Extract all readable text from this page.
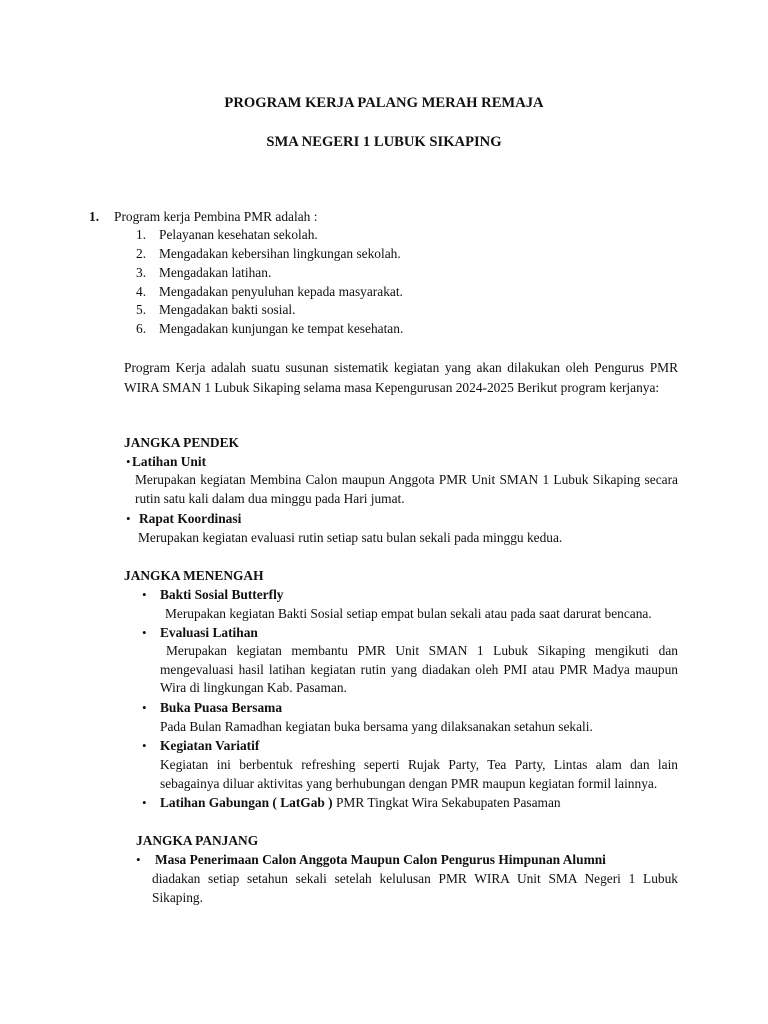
PROGRAM KERJA PALANG MERAH REMAJA
SMA NEGERI 1 LUBUK SIKAPING
1. Program kerja Pembina PMR adalah :
1. Pelayanan kesehatan sekolah.
2. Mengadakan kebersihan lingkungan sekolah.
3. Mengadakan latihan.
4. Mengadakan penyuluhan kepada masyarakat.
5. Mengadakan bakti sosial.
6. Mengadakan kunjungan ke tempat kesehatan.
Program Kerja adalah suatu susunan sistematik kegiatan yang akan dilakukan oleh Pengurus PMR WIRA SMAN 1 Lubuk Sikaping selama masa Kepengurusan 2024-2025 Berikut program kerjanya:
JANGKA PENDEK
• Latihan Unit
Merupakan kegiatan Membina Calon maupun Anggota PMR Unit SMAN 1 Lubuk Sikaping secara rutin satu kali dalam dua minggu pada Hari jumat.
• Rapat Koordinasi
Merupakan kegiatan evaluasi rutin setiap satu bulan sekali pada minggu kedua.
JANGKA MENENGAH
• Bakti Sosial Butterfly
Merupakan kegiatan Bakti Sosial setiap empat bulan sekali atau pada saat darurat bencana.
• Evaluasi Latihan
Merupakan kegiatan membantu PMR Unit SMAN 1 Lubuk Sikaping mengikuti dan mengevaluasi hasil latihan kegiatan rutin yang diadakan oleh PMI atau PMR Madya maupun Wira di lingkungan Kab. Pasaman.
• Buka Puasa Bersama
Pada Bulan Ramadhan kegiatan buka bersama yang dilaksanakan setahun sekali.
• Kegiatan Variatif
Kegiatan ini berbentuk refreshing seperti Rujak Party, Tea Party, Lintas alam dan lain sebagainya diluar aktivitas yang berhubungan dengan PMR maupun kegiatan formil lainnya.
• Latihan Gabungan ( LatGab ) PMR Tingkat Wira Sekabupaten Pasaman
JANGKA PANJANG
• Masa Penerimaan Calon Anggota Maupun Calon Pengurus Himpunan Alumni
diadakan setiap setahun sekali setelah kelulusan PMR WIRA Unit SMA Negeri 1 Lubuk Sikaping.
